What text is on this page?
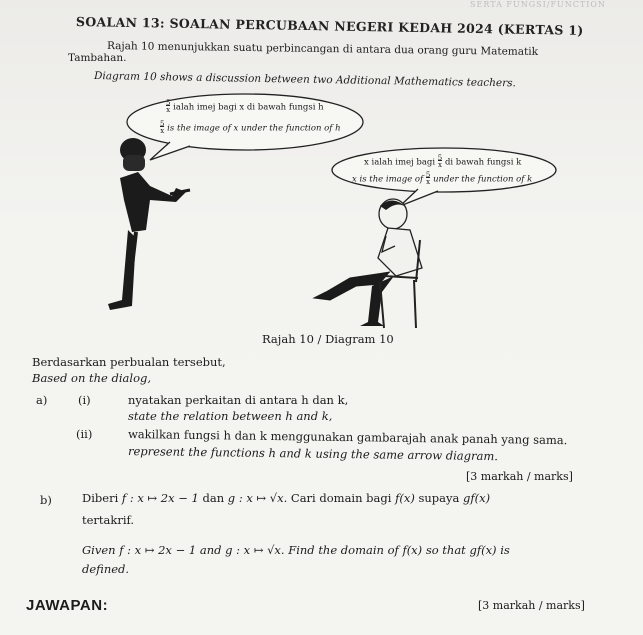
SERTA FUNGSI/FUNCTION
SOALAN 13: SOALAN PERCUBAAN NEGERI KEDAH 2024 (KERTAS 1)
Tambahan.
Rajah 10 menunjukkan suatu perbincangan di antara dua orang guru Matematik
Diagram 10 shows a discussion between two Additional Mathematics teachers.
$\frac{5}{x}$ ialah imej bagi x di bawah fungsi h
$\frac{5}{x}$ is the image of x under the function of h
x ialah imej bagi $\frac{5}{x}$ di bawah fungsi k
x is the image of $\frac{5}{x}$ under the function of k
Rajah 10 / Diagram 10
Berdasarkan perbualan tersebut,
Based on the dialog,
a)	(i)	nyatakan perkaitan di antara h dan k,
state the relation between h and k,
(ii)	wakilkan fungsi h dan k menggunakan gambarajah anak panah yang sama.
represent the functions h and k using the same arrow diagram.
[3 markah / marks]
b)	Diberi f : x ↦ 2x − 1 dan g : x ↦ √x. Cari domain bagi f(x) supaya gf(x)
tertakrif.
Given f : x ↦ 2x − 1 and g : x ↦ √x. Find the domain of f(x) so that gf(x) is
defined.
JAWAPAN:	[3 markah / marks]
